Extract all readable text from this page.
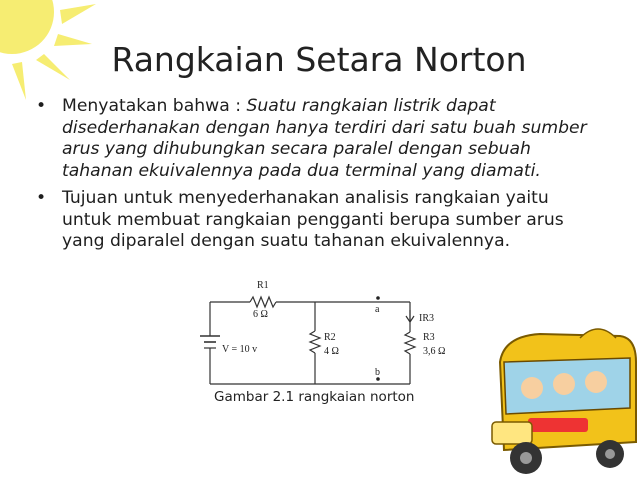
Rangkaian Setara Norton
• Menyatakan bahwa : Suatu rangkaian listrik dapat disederhanakan dengan hanya terdiri dari satu buah sumber arus yang dihubungkan secara paralel dengan sebuah tahanan ekuivalennya pada dua terminal yang diamati.
• Tujuan untuk menyederhanakan analisis rangkaian yaitu untuk membuat rangkaian pengganti berupa sumber arus yang diparalel dengan suatu tahanan ekuivalennya.
R1
6 Ω
R2
4 Ω
R3
3,6 Ω
V = 10 v
a
b
IR3
Gambar 2.1 rangkaian norton
